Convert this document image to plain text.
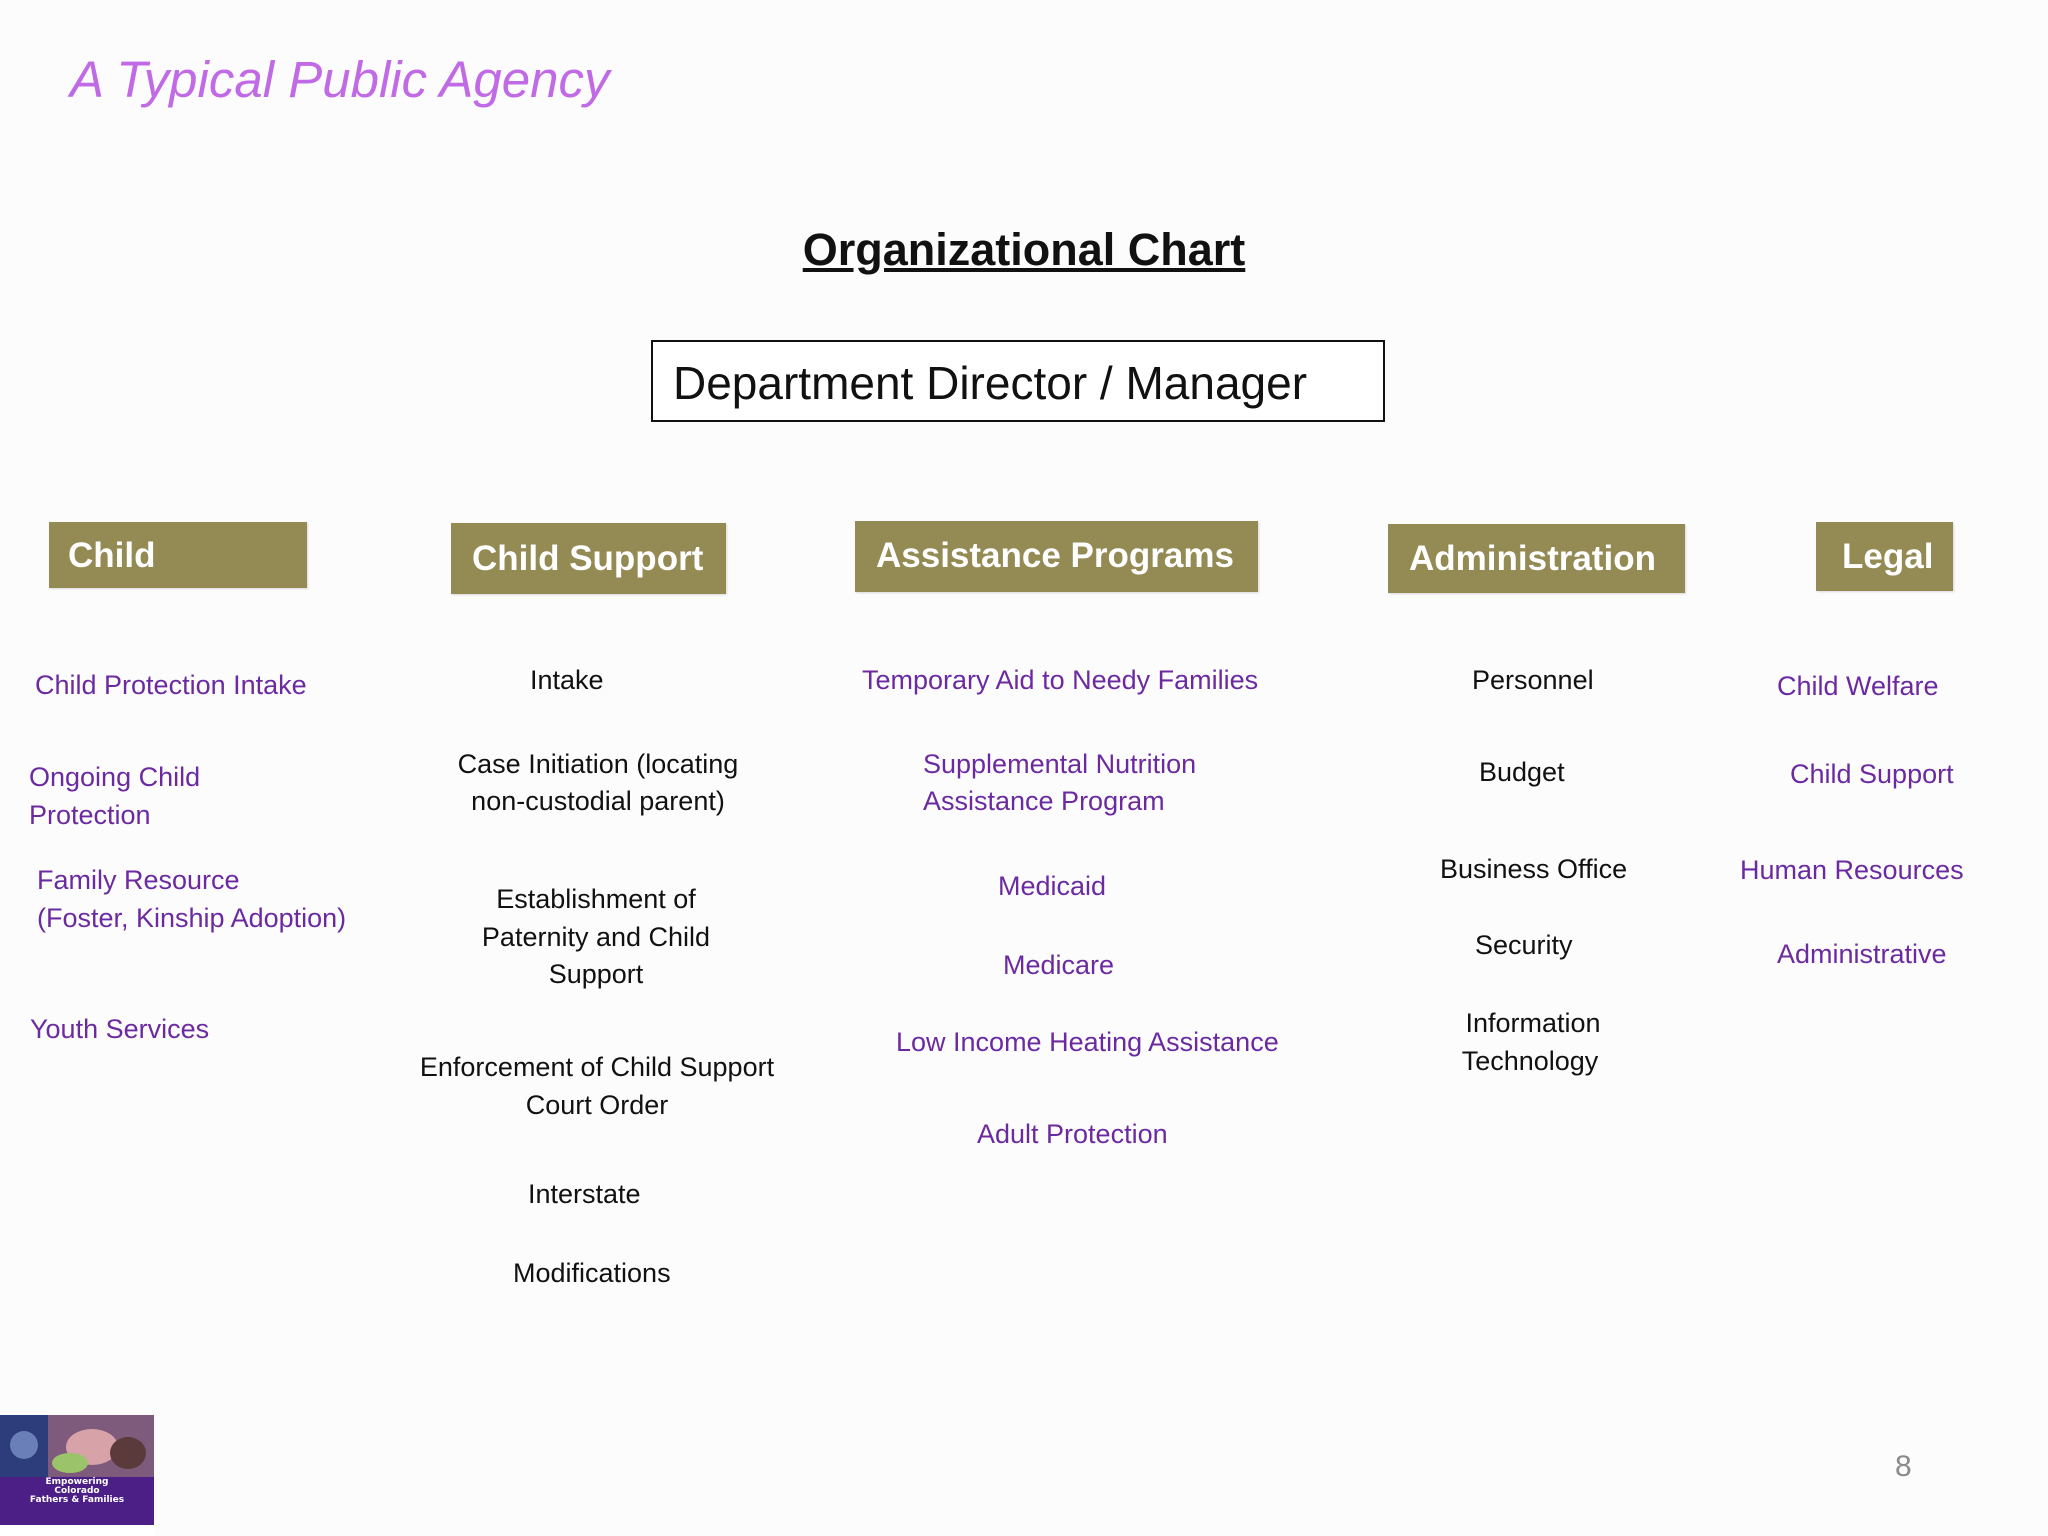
A Typical Public Agency
Organizational Chart
Department Director / Manager
Child	Child Support	Assistance Programs	Administration	Legal
Child Protection Intake
Ongoing Child
Protection
Family Resource
(Foster, Kinship Adoption)
Youth Services
Intake
Case Initiation (locating
non-custodial parent)
Establishment of
Paternity and Child
Support
Enforcement of Child Support
Court Order
Interstate
Modifications
Temporary Aid to Needy Families
Supplemental Nutrition
Assistance Program
Medicaid
Medicare
Low Income Heating Assistance
Adult Protection
Personnel
Budget
Business Office
Security
Information
Technology
Child Welfare
Child Support
Human Resources
Administrative
Empowering
Colorado
Fathers & Families
8
